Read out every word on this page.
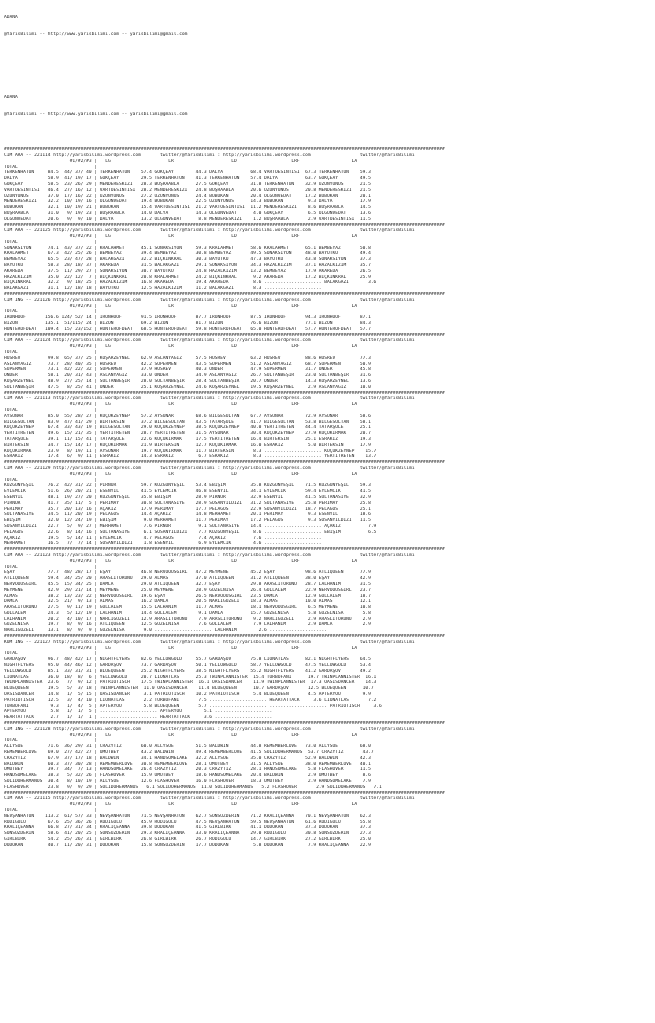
ADANA

@YarisBilimi -- http://www.yarisbilimi.com -- yarisbilimi@gmail.com

ADANA

@YarisBilimi -- http://www.yarisbilimi.com -- yarisbilimi@gmail.com

#################################################################################################################################################################
CIM ARA -- 221114 http://yarisbilimi.wordpress.com       twitter/@YarisBilimi : http://yarisbilimi.wordpress.com                  twitter/@YarisBilimi
#1/#2/#3 |   LG                     LR                     LD                    LRF                   LA
TOTAL                            |
TERKENHATUN     84.5  44/ 37/ 40 | TERKENHATUN    57.4 GÖKÇEAY        44.3 DALYA          68.4 VARTOESİNTİSİ  67.3 TERKENHATUN    59.3
DALYA           58.9  41/ 19/ 17 | GÖKÇEAY        29.5 TERKENHATUN    41.3 TERKENHATUN    57.4 DALYA          63.7 GÖKÇEAY        49.5
GÖKÇEAY         58.5  23/ 26/ 29 | MENDERESKIZI   28.3 BUŞRAABLA      27.5 GÖKÇEAY        31.8 TERKENHATUN    32.9 UZUNYUNUS      21.5
VARTOESİNTİSİ   46.4  27/ 16/ 12 | VARTOESİNTİSİ  28.2 MENDERESKIZI   24.8 BUŞRAABLA      20.6 UZUNYUNUS      20.8 MENDERESKIZI   21.5
UZUNYUNUS       37.0  17/ 16/ 22 | UZUNYUNUS      27.2 UZUNYUNUS      24.4 BUBUKAN        20.4 OLGUNVEDAT     17.2 BUBUKAN        20.1
MENDERESKIZI    32.2  10/ 19/ 16 | OLGUNVEDAT     19.4 BUBUKAN        22.5 UZUNYUNUS      14.3 BUBUKAN         9.3 DALYA          17.9
BUBUKAN         32.1  10/ 19/ 21 | BUBUKAN        15.4 VARTOESİNTİSİ  21.2 VARTOESİNTİSİ  11.2 MENDERESKIZI    8.6 BUŞRAABLA      14.5
BUŞRAABLA       31.0   9/ 19/ 23 | BUŞRAABLA      14.0 DALYA          14.3 OLGUNVEDAT      4.0 GÖKÇEAY         6.5 OLGUNVEDAT     13.6
OLGUNVEDAT      20.6   9/  9/ 10 | DALYA          13.2 OLGUNVEDAT      8.8 MENDERESKIZI    1.2 BUŞRAABLA       2.9 VARTOESİNTİSİ  11.5
#################################################################################################################################################################
CIM ARA -- 221125 http://yarisbilimi.wordpress.com       twitter/@YarisBilimi : http://yarisbilimi.wordpress.com                  twitter/@YarisBilimi
#1/#2/#3 |   LG                     LR                     LD                    LRF                   LA
TOTAL                            |
SONAKSİYON      74.1  43/ 37/ 22 | KRALAHMET      45.1 SONAKSİYON     59.3 KRALAHMET      58.6 KRALAHMET      65.1 BEMBEYAZ       50.8
KRALAHMET       67.3  42/ 25/ 26 | BEMBEYAZ       39.4 BEMBEYAZ       30.8 BEMBEYAZ       49.5 SONAKSİYON     48.0 BAYUTKU        49.4
BEMBEYAZ        65.5  23/ 47/ 28 | BALAKGAZİ      32.2 BIÇKINKRAL     30.3 BAYUTKU        47.3 BAYUTKU        43.8 SONAKSİYON     37.3
BAYUTKU         58.3  28/ 18/ 37 | AKAREDA        31.5 BALAKGAZİ      29.1 SONAKSİYON     34.3 HAZALKIZIM     37.1 HAZALKIZIM     35.7
AKAREDA         37.5  11/ 29/ 27 | SONAKSİYON     30.7 BAYUTKU        24.8 HAZALKIZIM     13.2 BEMBEYAZ       17.9 AKAREDA        26.5
HAZALKIZIM      35.0  22/ 12/  7 | BIÇKINKRAL     20.8 KRALAHMET      24.2 BIÇKINKRAL      9.2 AKAREDA        17.2 BIÇKINKRAL     25.9
BIÇKINKRAL      32.2   9/ 18/ 25 | HAZALKIZIM     16.8 AKAREDA        19.4 AKAREDA         8.6 ..................... BALAKGAZİ       3.6
BALAKGAZİ       31.1  12/ 18/ 18 | BAYUTKU        12.5 HAZALKIZIM     11.2 BALAKGAZİ       8.3 .....................
#################################################################################################################################################################
CIM ING -- 221126 http://yarisbilimi.wordpress.com       twitter/@YarisBilimi : http://yarisbilimi.wordpress.com                  twitter/@YarisBilimi
#1/#2/#3 |   LG                     LR                     LD                    LRF                   LA
TOTAL                            |
IRONHOOF       156.6 124/ 52/ 14 | IRONHOOF       91.5 IRONHOOF       87.7 IRONHOOF       87.5 IRONHOOF       94.3 IRONHOOF       87.1
BIZON          135.1  51/115/ 24 | BIZON          69.2 BIZON          81.7 BIZON          76.6 BIZON          77.1 BIZON          84.3
HUNTEROFDEAT   109.4  15/ 23/152 | HUNTEROFDEAT   68.5 HUNTEROFDEAT   59.8 HUNTEROFDEAT   65.0 HUNTEROFDEAT   57.7 HUNTEROFDEAT   57.7
#################################################################################################################################################################
CIM ARA -- 221124 http://yarisbilimi.wordpress.com       twitter/@YarisBilimi : http://yarisbilimi.wordpress.com                  twitter/@YarisBilimi
#1/#2/#3 |   LG                     LR                     LD                    LRF                   LA
TOTAL                            |
HUSREV          99.8  65/ 37/ 25 | KOŞARZEYNEL    62.9 ASLANYAĞIZ     57.5 HUSREV         63.2 HUSREV         88.6 HUSREV         77.3
ASLANYAĞIZ      73.7  28/ 40/ 35 | HUSREV         42.2 SÜPERMEN       43.5 SÜPERMEN       51.2 ASLANYAĞIZ     68.7 SÜPERMEN       50.9
SÜPERMEN        73.1  42/ 22/ 32 | SÜPERMEN       37.9 HUSREV         40.3 ÖNDER          47.9 SÜPERMEN       31.7 ÖNDER          45.8
ÖNDER           58.1  20/ 31/ 43 | ASLANYAĞIZ     33.0 ÖNDER          34.9 ASLANYAĞIZ     26.7 SULTANBEŞİR    23.0 SULTANBEŞİR    31.6
KOŞARZEYNEL     48.9  27/ 25/ 14 | SULTANBEŞİR    28.0 SULTANBEŞİR    28.4 SULTANBEŞİR    20.7 ÖNDER          14.3 KOŞARZEYNEL    13.6
SULTANBEŞİR     47.5   8/ 25/ 41 | ÖNDER          25.1 KOŞARZEYNEL    24.6 KOŞARZEYNEL    19.5 KOŞARZEYNEL     2.9 ASLANYAĞIZ     10.0
#################################################################################################################################################################
CIM ARA -- 221113 http://yarisbilimi.wordpress.com       twitter/@YarisBilimi : http://yarisbilimi.wordpress.com                  twitter/@YarisBilimi
#1/#2/#3 |   LG                     LR                     LD                    LRF                   LA
TOTAL                            |
AYSUNAR         85.0  55/ 28/ 27 | KÜÇÜKZEYNEP    57.2 AYSUNAR        68.6 BİLGESULTAN    67.7 AYSUNAR        72.9 AYSUNAR        58.6
BİLGESULTAN     83.9  47/ 41/ 29 | BİRTEKSİN      37.2 BİLGESULTAN    43.5 TATARŞULE      41.7 BİLGESULTAN    53.8 BİLGESULTAN    58.1
KÜÇÜKZEYNEP     67.4  33/ 43/ 19 | BİLGESULTAN    29.0 KÜÇÜKZEYNEP    38.5 KÜÇÜKZEYNEP    40.0 YERTİTRETEN    44.4 TATARŞULE      25.1
YERTİTRETEN     49.6  15/ 21/ 35 | YERTİTRETEN    28.7 YERTİTRETEN    31.5 AYSUNAR        30.4 KÜÇÜKZEYNEP    27.9 KÜÇÜKIRMAK     20.7
TATARŞULE       39.1  11/ 15/ 41 | TATARŞULE      22.6 KÜÇÜKIRMAK     17.5 YERTİTRETEN    16.4 BİRTEKSİN      25.1 ESRAKIZ        19.3
BİRTEKSİN       34.7  15/ 14/ 17 | KÜÇÜKIRMAK     21.9 BİRTEKSİN      12.7 KÜÇÜKIRMAK     16.0 ESRAKIZ         5.0 BİRTEKSİN      17.9
KÜÇÜKIRMAK      23.9   8/ 19/ 11 | AYSUNAR        19.7 KÜÇÜKIRMAK     11.7 BİRTEKSİN       8.3 ..................... KÜÇÜKZEYNEP    15.7
ESRAKIZ         17.4   6/  9/ 11 | ESRAKIZ        14.3 ESRAKIZ         6.7 ESRAKIZ         8.3 ..................... YERTİTRETEN    13.7
#################################################################################################################################################################
CIM ARA -- 221129 http://yarisbilimi.wordpress.com       twitter/@YarisBilimi : http://yarisbilimi.wordpress.com                  twitter/@YarisBilimi
#1/#2/#3 |   LG                     LR                     LD                    LRF                   LA
TOTAL                            |
KUZGUNYEŞİL     76.2  42/ 31/ 22 | PİRNUR         59.7 KUZGUNYEŞİL    53.4 EBİŞİM         35.8 KUZGUNYEŞİL    71.5 KUZGUNYEŞİL    59.3
EYLEMCİK        51.6  26/ 20/ 21 | ESENYIL        41.5 EYLEMCİK       46.8 ESENYIL        34.1 EYLEMCİK       59.4 EYLEMCİK       41.5
ESENYIL         48.1  19/ 27/ 20 | KUZGUNYEŞİL    35.8 EBİŞİM         28.9 PİRNUR         32.9 ESENYIL        41.5 SULTANASİYE    32.9
PİRNUR          41.7  35/ 11/  5 | PERİMAY        30.8 SULTANASİYE    28.9 SOSANYILDIZI   31.2 SULTANASİYE    25.8 PERİMAY        25.8
PERİMAY         35.7  20/ 13/ 16 | AÇAKIZ         17.9 PERİMAY        17.7 PELAGOS        22.9 SOSANYILDIZI   18.7 PELAGOS        25.1
SULTANASİYE     34.5  11/ 20/ 19 | PELAGOS        14.4 AÇAKIZ         14.8 MERHAMET       20.1 PERİMAY         9.3 ESENYIL        18.6
EBİŞİM          32.0  12/ 24/ 19 | EBİŞİM          9.0 MERHAMET       11.7 PERİMAY        17.2 PELAGOS         9.3 SOSANYILDIZI   11.5
SOSANYILDIZI    22.7   5/  9/ 27 | MERHAMET        7.6 PİRNUR          9.1 SULTANASİYE    14.4 ..................... AÇAKIZ          7.9
PELAGOS         22.6   8/ 14/ 16 | SULTANASİYE     6.1 SOSANYILDIZI    7.7 KUZGUNYEŞİL     8.6 ..................... EBİŞİM          6.5
AÇAKIZ          19.5   5/ 14/ 11 | EYLEMCİK        4.7 PELAGOS         7.4 AÇAKIZ          7.6 .....................
MERHAMET        16.5   7/  7/ 14 | SOSANYILDIZI    1.8 ESENYIL         6.9 EYLEMCİK        4.6 .....................
#################################################################################################################################################################
CIM ARA -- 221123 http://yarisbilimi.wordpress.com       twitter/@YarisBilimi : http://yarisbilimi.wordpress.com                  twitter/@YarisBilimi
#1/#2/#3 |   LG                     LR                     LD                    LRF                   LA
TOTAL                            |
EŞAY            77.7  48/ 28/ 17 | EŞAY           46.8 NERVOOUSGIRL   47.2 MEYMENE        45.2 EŞAY           98.6 ATLIQUEEN      77.9
ATLIQUEEN       59.4  34/ 25/ 20 | ARASLITORUNU   29.0 ALMAS          37.0 ATLIQUEEN      31.2 ATLIQUEEN      38.0 EŞAY           42.9
NERVOOUSGIRL    45.5  15/ 34/ 25 | DAMLA          29.0 ATLIQUEEN      32.7 EŞAY           29.8 ARASLITORUNU   28.7 LALHANIM       31.5
MEYMENE         42.9  29/ 21/ 14 | MEYMENE        25.0 MEYMENE        28.9 GÜZELNISA      26.4 GÖLLALEM       22.9 NERVOOUSGIRL   23.7
ALMAS           38.2  13/ 23/ 22 | NERVOOUSGIRL   19.6 EŞAY           26.5 NERVOOUSGIRL   23.5 DAMLA          12.9 GÖLLALEM       18.7
DAMLA           32.5  21/  9/ 13 | ALMAS          16.2 DAMLA          20.5 NARLIGÜZELİ    18.3 ALMAS          10.0 ALMAS          12.1
ARASLITORUNU    27.5   9/ 11/ 19 | GÖLLALEM       15.5 LALHANIM       11.7 ALMAS          18.1 NERVOOUSGIRL    6.5 MEYMENE        10.8
GÖLLALEM        24.3   5/ 12/ 19 | LALHANIM       14.4 GÖLLALEM        9.1 DAMLA          15.7 GÜZELNISA       5.8 GÜZELNISA       5.8
LALHANIM        20.2   4/ 10/ 17 | NARLIGÜZELİ    12.9 ARASLITORUNU    7.9 ARASLITORUNU    9.2 NARLIGÜZELİ     2.9 ARASLITORUNU    2.9
GÜZELNISA       19.7   8/  9/ 16 | ATLIQUEEN      12.5 GÜZELNISA       7.6 GÖLLALEM        7.9 LALHANIM        2.9 DAMLA           2.9
NARLIGÜZELİ     13.1   8/  9/  9 | GÜZELNISA       9.0 ..................... LALHANIM        2.6 .....................
#################################################################################################################################################################
KUM ING -- 221127 http://yarisbilimi.wordpress.com       twitter/@YarisBilimi : http://yarisbilimi.wordpress.com                  twitter/@YarisBilimi
#1/#2/#3 |   LG                     LR                     LD                    LRF                   LA
TOTAL                            |
GARDAŞOV        96.7  48/ 42/ 17 | NIGHTFLYERS    82.6 YELLOWGOLD     55.7 GARDAŞOV       75.8 LIONATLAS      82.1 NIGHTFLYERS    64.5
NIGHTFLYERS     95.0  44/ 46/ 12 | GARDAŞOV       73.7 GARDAŞOV       50.1 YELLOWGOLD     58.7 YELLOWGOLD     47.5 YELLOWGOLD     53.4
YELLOWGOLD      85.1  33/ 31/ 31 | BLUEQUEEN      25.2 NIGHTFLYERS    38.5 NIGHTFLYERS    55.2 NIGHTFLYERS    41.2 GARDAŞOV       49.2
LIONATLAS       36.0  18/  8/  6 | YELLOWGOLD     20.7 LIONATLAS      25.3 TWINPLANNISTER  15.4 TURBOFANI      19.7 TWINPLANNISTER  16.1
TWINPLANNISTER  23.6   7/  9/ 12 | PATRIOTISCH    17.5 TWINPLANNISTER  16.1 OASISDANCER    11.9 TWINPLANNISTER  17.3 OASISDANCER    14.3
BLUEQUEEN       19.5   5/  3/ 18 | TWINPLANNISTER  11.0 OASISDANCER    11.4 BLUEQUEEN      10.7 GARDAŞOV       12.5 BLUEQUEEN      10.7
OASISDANCER     14.8   1/  5/ 15 | OASISDANCER     3.1 PATRIOTISCH    10.2 PATRIOTISCH     5.4 BLUEQUEEN       4.5 APTERYOU        9.9
PATRIOTISCH     12.5   3/  4/ 10 | LIONATLAS       2.2 TURBOFANI       7.5 ..................... HEARTATTACK     3.6 LIONATLAS       7.2
TURBOFANI        9.3   1/  4/  5 | APTERYOU        5.8 BLUEQUEEN       5.7 ..................... ..................... PATRIOTISCH     3.6
APTERYOU         5.8   1/  1/  5 | ..................... APTERYOU        5.1 .....................
HEARTATTACK      2.7   1/  1/  1 | ..................... HEARTATTACK     3.6 .....................
#################################################################################################################################################################
CIM ING -- 221128 http://yarisbilimi.wordpress.com       twitter/@YarisBilimi : http://yarisbilimi.wordpress.com                  twitter/@YarisBilimi
#1/#2/#3 |   LG                     LR                     LD                    LRF                   LA
TOTAL                            |
ALLYSUE         71.6  36/ 29/ 31 | CRAZYTIZ       60.0 ALLYSUE        51.5 BALDWIN        44.8 REMEMBERLOVE   73.0 ALLYSUE        68.0
REMEMBERLOVE    69.0  27/ 42/ 27 | UMUTBEY        43.2 BALDWIN        49.4 REMEMBERLOVE   41.5 SOLIDOHERMANOS  53.7 CRAZYTIZ       43.7
CRAZYTIZ        67.9  37/ 17/ 18 | BALDWIN        34.1 HANDSOMELAKE   32.2 ALLYSUE        35.0 CRAZYTIZ       52.9 BALDWIN        42.3
BALDWIN         60.3  37/ 30/ 28 | REMEMBERLOVE   30.8 REMEMBERLOVE   28.1 UMUTBEY        31.5 ALLYSUE        38.0 REMEMBERLOVE   40.1
UMUTBEY         39.7  34/  7/ 13 | HANDSOMELAKE   26.4 CRAZYTIZ       20.3 CRAZYTIZ       28.1 HANDSOMELAKE    5.8 FLASHOVER      11.5
HANDSOMELAKE    38.3   5/ 32/ 26 | FLASHOVER      15.9 UMUTBEY        18.6 HANDSOMELAKE   20.4 BALDWIN         2.9 UMUTBEY         8.6
SOLIDOHERMANOS  30.4   8/ 10/ 19 | ALLYSUE        12.6 FLASHOVER      16.0 FLASHOVER      18.3 UMUTBEY         2.9 HANDSOMELAKE    7.9
FLASHOVER       23.8   9/  9/ 29 | SOLIDOHERMANOS   6.1 SOLIDOHERMANOS  11.0 SOLIDOHERMANOS   5.2 FLASHOVER       2.9 SOLIDOHERMANOS   7.1
#################################################################################################################################################################
CIM ARA -- 221115 http://yarisbilimi.wordpress.com       twitter/@YarisBilimi : http://yarisbilimi.wordpress.com                  twitter/@YarisBilimi
#1/#2/#3 |   LG                     LR                     LD                    LRF                   LA
TOTAL                            |
NEVŞANHATUN    113.2  61/ 57/ 33 | NEVŞANHATUN    71.5 NEVŞANHATUN    62.7 SONSUZDERİN    71.2 KRALİÇEANNA    70.1 NEVŞANHATUN    62.3
RODİGÜLÜ        67.6  25/ 36/ 26 | RODİGÜLÜ       45.9 RODİGÜLÜ       47.5 NEVŞANHATUN    59.5 NEVŞANHATUN    61.6 RODİGÜLÜ       55.8
KRALİÇEANNA     66.8  27/ 31/ 34 | KRALİÇEANNA    39.8 DODOKAN        41.5 GİRLBİRK       41.1 DODOKAN        37.3 DODOKAN        37.3
SONSUZDERİN     58.6  41/ 20/ 25 | SONSUZDERİN    29.3 KRALİÇEANNA    33.0 KRALİÇEANNA    29.0 RODİGÜLÜ       30.8 SONSUZDERİN    27.3
GİRLBİRK        54.2  25/ 26/ 31 | GİRLBİRK       26.8 GİRLBİRK       26.7 RODİGÜLÜ       14.7 GİRLBİRK       27.2 GİRLBİRK       25.0
DODOKAN         40.7  11/ 20/ 31 | DODOKAN        15.8 SONSUZDERİN    17.7 DODOKAN         5.8 DODOKAN         7.9 KRALİÇEANNA    22.9
